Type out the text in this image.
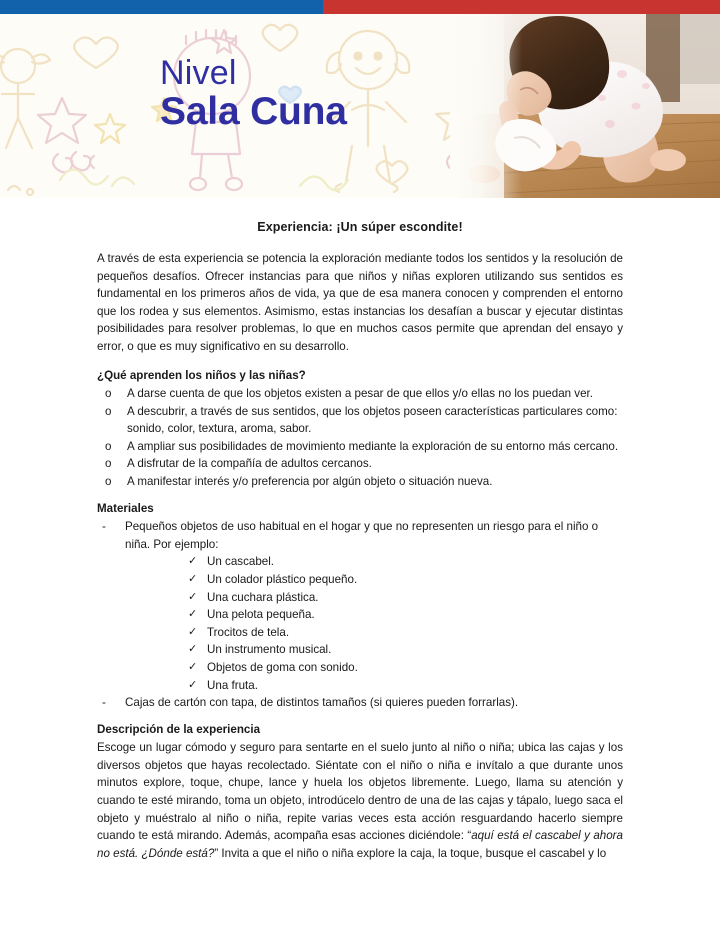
Nivel
Sala Cuna
Experiencia: ¡Un súper escondite!

A través de esta experiencia se potencia la exploración mediante todos los sentidos y la resolución de pequeños desafíos. Ofrecer instancias para que niños y niñas exploren utilizando sus sentidos es fundamental en los primeros años de vida, ya que de esa manera conocen y comprenden el entorno que los rodea y sus elementos. Asimismo, estas instancias los desafían a buscar y ejecutar distintas posibilidades para resolver problemas, lo que en muchos casos permite que aprendan del ensayo y error, o que es muy significativo en su desarrollo.

¿Qué aprenden los niños y las niñas?
o	A darse cuenta de que los objetos existen a pesar de que ellos y/o ellas no los puedan ver.
o	A descubrir, a través de sus sentidos, que los objetos poseen características particulares como: sonido, color, textura, aroma, sabor.
o	A ampliar sus posibilidades de movimiento mediante la exploración de su entorno más cercano.
o	A disfrutar de la compañía de adultos cercanos.
o	A manifestar interés y/o preferencia por algún objeto o situación nueva.
Materiales
-	Pequeños objetos de uso habitual en el hogar y que no representen un riesgo para el niño o niña. Por ejemplo:
✓ Un cascabel.
✓ Un colador plástico pequeño.
✓ Una cuchara plástica.
✓ Una pelota pequeña.
✓ Trocitos de tela.
✓ Un instrumento musical.
✓ Objetos de goma con sonido.
✓ Una fruta.
-	Cajas de cartón con tapa, de distintos tamaños (si quieres pueden forrarlas).
Descripción de la experiencia

Escoge un lugar cómodo y seguro para sentarte en el suelo junto al niño o niña; ubica las cajas y los diversos objetos que hayas recolectado. Siéntate con el niño o niña e invítalo a que durante unos minutos explore, toque, chupe, lance y huela los objetos libremente. Luego, llama su atención y cuando te esté mirando, toma un objeto, introdúcelo dentro de una de las cajas y tápalo, luego saca el objeto y muéstralo al niño o niña, repite varias veces esta acción resguardando hacerlo siempre cuando te está mirando. Además, acompaña esas acciones diciéndole: “aquí está el cascabel y ahora no está. ¿Dónde está?” Invita a que el niño o niña explore la caja, la toque, busque el cascabel y lo
